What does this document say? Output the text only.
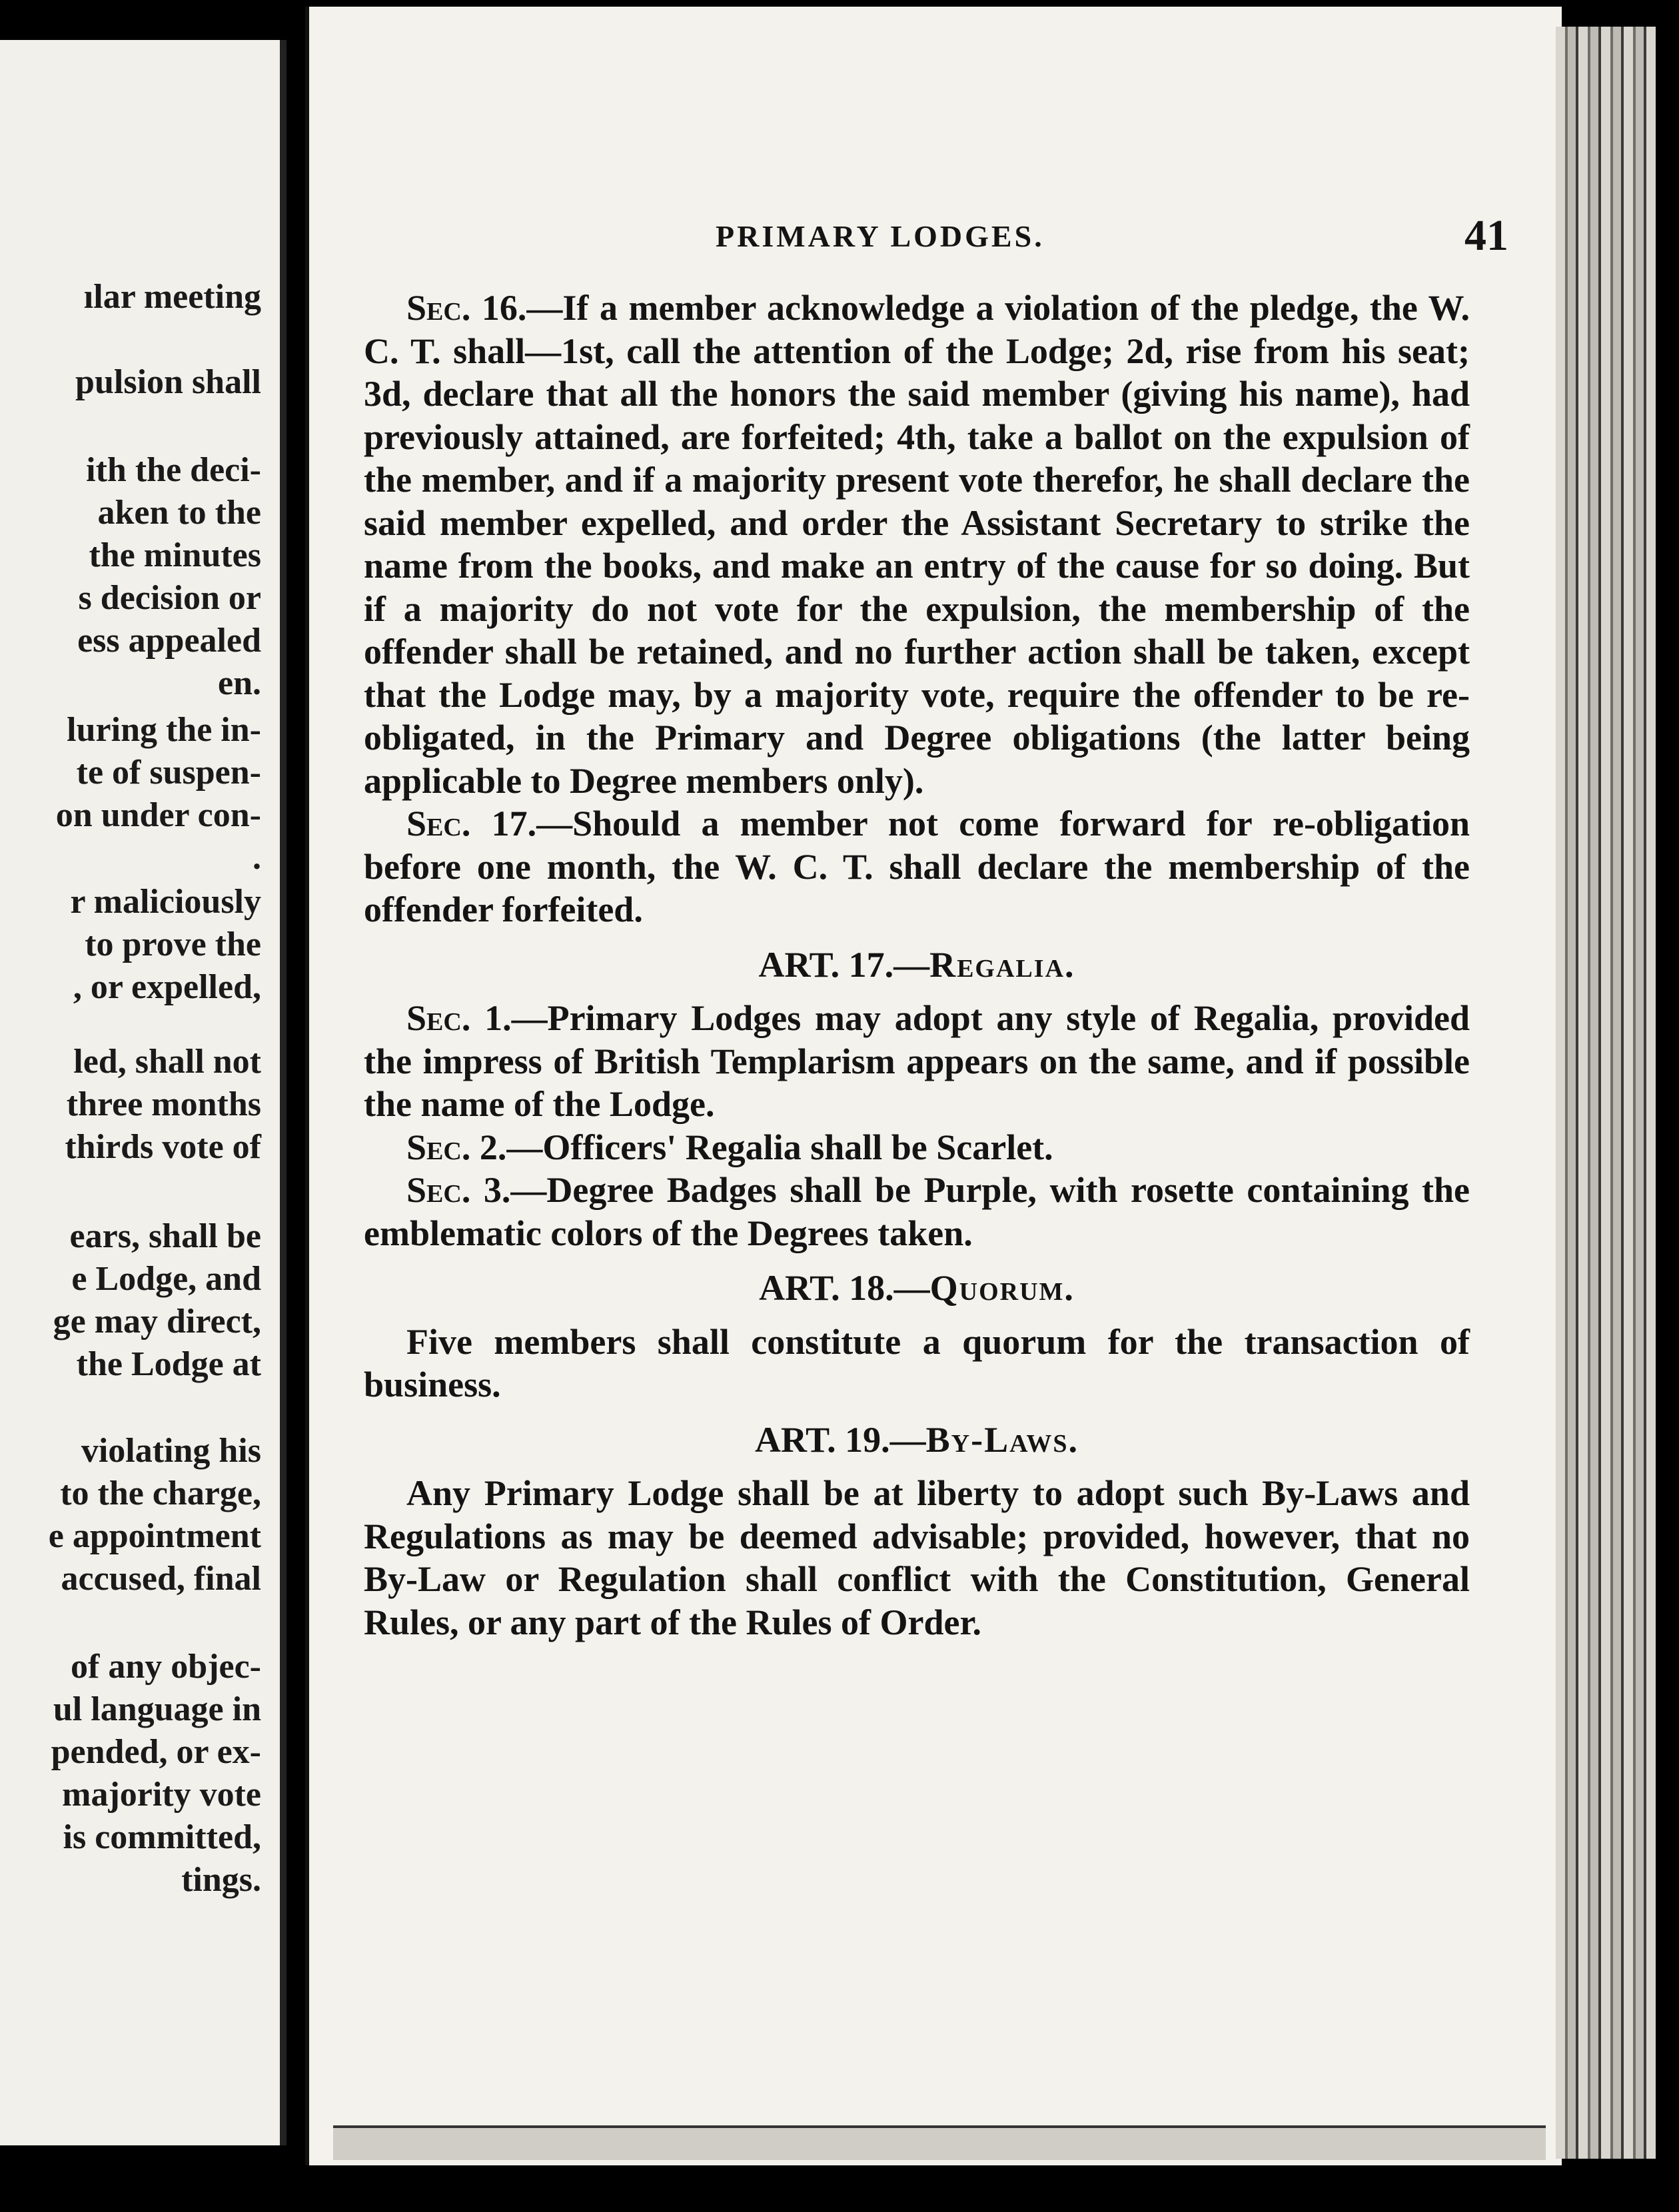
ılar meeting
pulsion shall
ith the deci-
aken to the
the minutes
s decision or
ess appealed
en.
luring the in-
te of suspen-
on under con-
.
r maliciously
to prove the
, or expelled,
led, shall not
three months
thirds vote of
ears, shall be
e Lodge, and
ge may direct,
the Lodge at
violating his
to the charge,
e appointment
accused, final
of any objec-
ul language in
pended, or ex-
majority vote
is committed,
tings.
PRIMARY LODGES.	41

Sec. 16.—If a member acknowledge a violation of the pledge, the W. C. T. shall—1st, call the attention of the Lodge; 2d, rise from his seat; 3d, declare that all the honors the said member (giving his name), had previously attained, are forfeited; 4th, take a ballot on the expulsion of the member, and if a majority present vote therefor, he shall declare the said member expelled, and order the Assistant Secretary to strike the name from the books, and make an entry of the cause for so doing. But if a majority do not vote for the expulsion, the membership of the offender shall be retained, and no further action shall be taken, except that the Lodge may, by a majority vote, require the offender to be re-obligated, in the Primary and Degree obligations (the latter being applicable to Degree members only).

Sec. 17.—Should a member not come forward for re-obligation before one month, the W. C. T. shall declare the membership of the offender forfeited.

ART. 17.—Regalia.

Sec. 1.—Primary Lodges may adopt any style of Regalia, provided the impress of British Templarism appears on the same, and if possible the name of the Lodge.

Sec. 2.—Officers' Regalia shall be Scarlet.

Sec. 3.—Degree Badges shall be Purple, with rosette containing the emblematic colors of the Degrees taken.

ART. 18.—Quorum.

Five members shall constitute a quorum for the transaction of business.

ART. 19.—By-Laws.

Any Primary Lodge shall be at liberty to adopt such By-Laws and Regulations as may be deemed advisable; provided, however, that no By-Law or Regulation shall conflict with the Constitution, General Rules, or any part of the Rules of Order.
